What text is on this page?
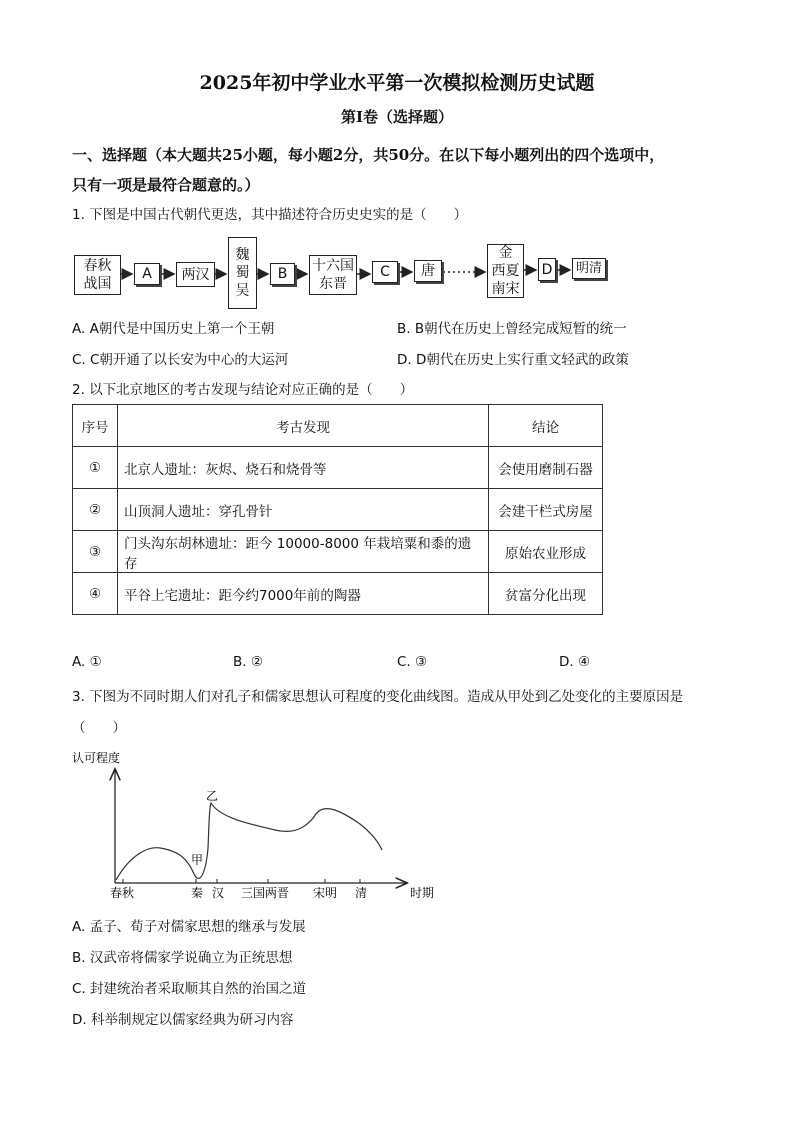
2025年初中学业水平第一次模拟检测历史试题
第Ⅰ卷（选择题）
一、选择题（本大题共25小题，每小题2分，共50分。在以下每小题列出的四个选项中，
只有一项是最符合题意的。）
1. 下图是中国古代朝代更迭，其中描述符合历史史实的是（　　）
春秋
战国
A	两汉
魏
蜀
吴
B	十六国
东晋
C	唐
金
西夏
南宋
D	明清
A. A朝代是中国历史上第一个王朝	B. B朝代在历史上曾经完成短暂的统一
C. C朝开通了以长安为中心的大运河	D. D朝代在历史上实行重文轻武的政策
2. 以下北京地区的考古发现与结论对应正确的是（　　）
序号	考古发现	结论
①	北京人遗址：灰烬、烧石和烧骨等	会使用磨制石器
②	山顶洞人遗址：穿孔骨针	会建干栏式房屋
③	门头沟东胡林遗址：距今 10000-8000 年栽培粟和黍的遗存	原始农业形成
④	平谷上宅遗址：距今约7000年前的陶器	贫富分化出现
A. ①	B. ②	C. ③	D. ④
3. 下图为不同时期人们对孔子和儒家思想认可程度的变化曲线图。造成从甲处到乙处变化的主要原因是
（　　）
认可程度
时期
甲
乙
春秋	秦 汉 三国两晋 宋明 清
A. 孟子、荀子对儒家思想的继承与发展
B. 汉武帝将儒家学说确立为正统思想
C. 封建统治者采取顺其自然的治国之道
D. 科举制规定以儒家经典为研习内容
